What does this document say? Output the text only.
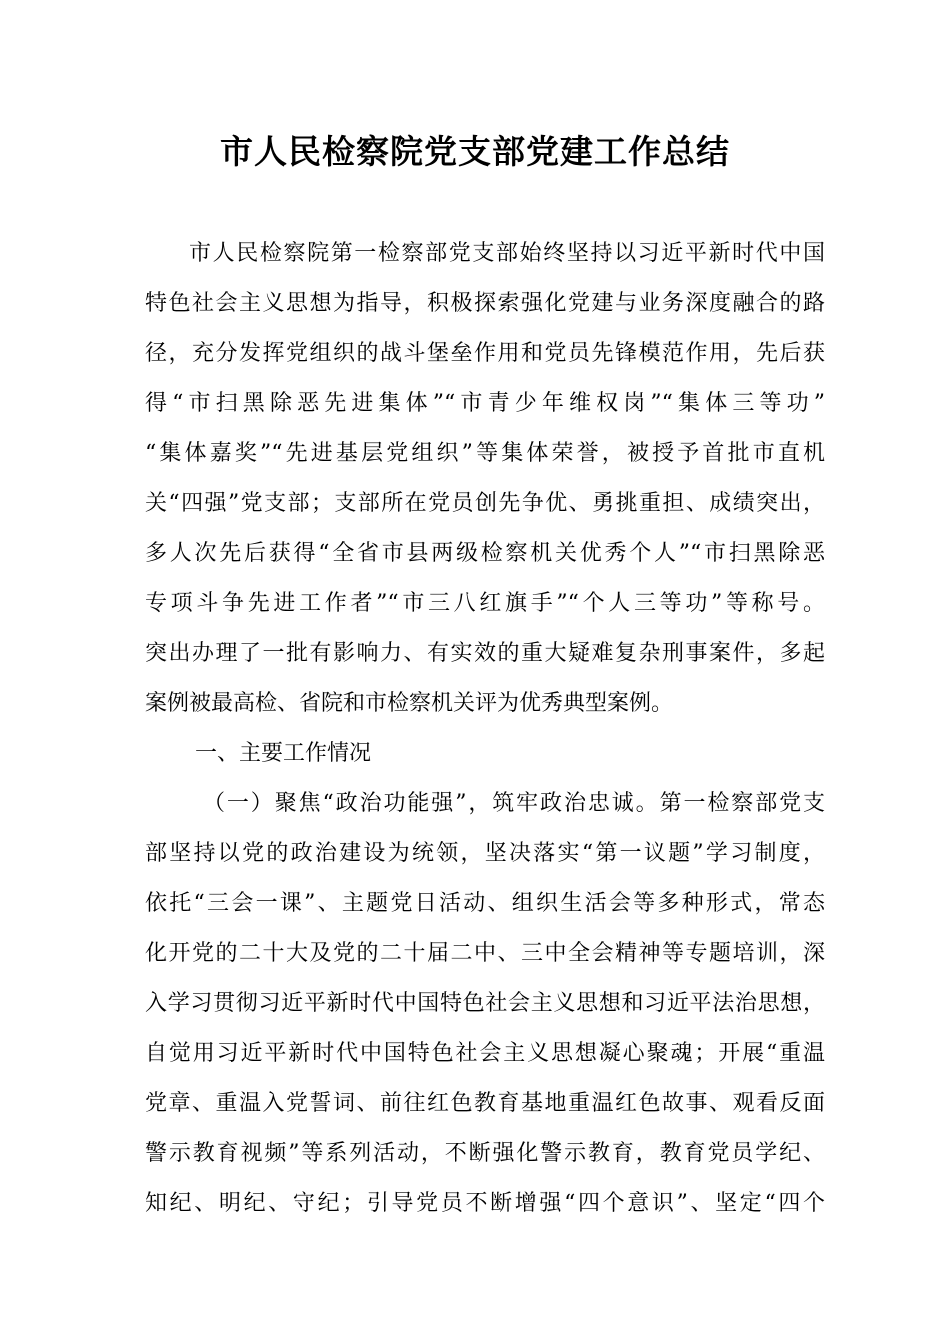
市人民检察院党支部党建工作总结
市人民检察院第一检察部党支部始终坚持以习近平新时代中国
特色社会主义思想为指导，积极探索强化党建与业务深度融合的路
径，充分发挥党组织的战斗堡垒作用和党员先锋模范作用，先后获
得“市扫黑除恶先进集体”“市青少年维权岗”“集体三等功”
“集体嘉奖”“先进基层党组织”等集体荣誉，被授予首批市直机
关“四强”党支部；支部所在党员创先争优、勇挑重担、成绩突出，
多人次先后获得“全省市县两级检察机关优秀个人”“市扫黑除恶
专项斗争先进工作者”“市三八红旗手”“个人三等功”等称号。
突出办理了一批有影响力、有实效的重大疑难复杂刑事案件，多起
案例被最高检、省院和市检察机关评为优秀典型案例。
一、主要工作情况
（一）聚焦“政治功能强”，筑牢政治忠诚。第一检察部党支
部坚持以党的政治建设为统领，坚决落实“第一议题”学习制度，
依托“三会一课”、主题党日活动、组织生活会等多种形式，常态
化开党的二十大及党的二十届二中、三中全会精神等专题培训，深
入学习贯彻习近平新时代中国特色社会主义思想和习近平法治思想，
自觉用习近平新时代中国特色社会主义思想凝心聚魂；开展“重温
党章、重温入党誓词、前往红色教育基地重温红色故事、观看反面
警示教育视频”等系列活动，不断强化警示教育，教育党员学纪、
知纪、明纪、守纪；引导党员不断增强“四个意识”、坚定“四个
